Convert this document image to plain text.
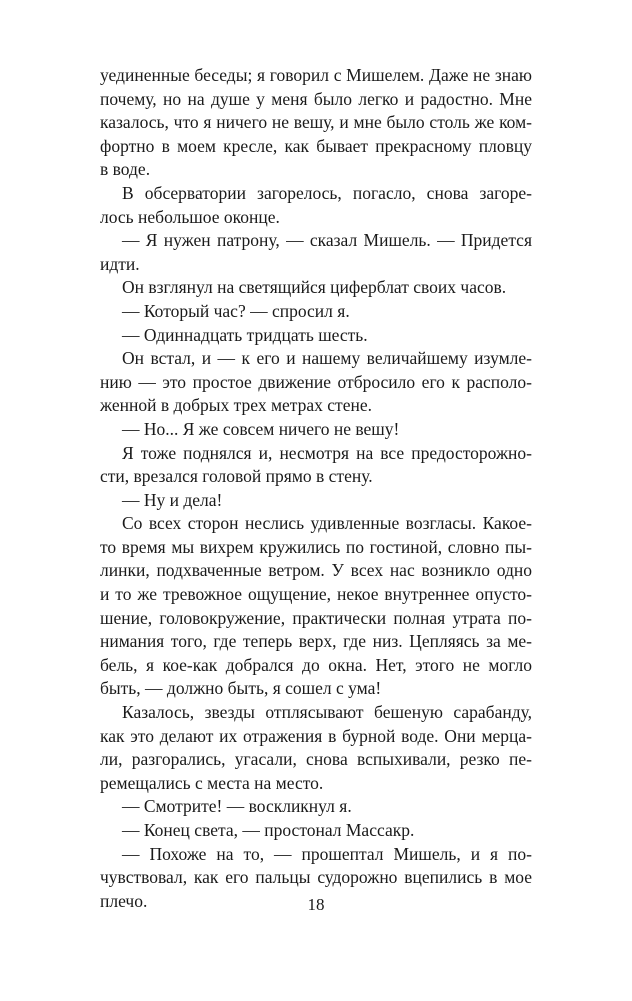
уединенные беседы; я говорил с Мишелем. Даже не знаю
почему, но на душе у меня было легко и радостно. Мне
казалось, что я ничего не вешу, и мне было столь же ком-
фортно в моем кресле, как бывает прекрасному пловцу
в воде.
В обсерватории загорелось, погасло, снова загоре-
лось небольшое оконце.
— Я нужен патрону, — сказал Мишель. — Придется
идти.
Он взглянул на светящийся циферблат своих часов.
— Который час? — спросил я.
— Одиннадцать тридцать шесть.
Он встал, и — к его и нашему величайшему изумле-
нию — это простое движение отбросило его к располо-
женной в добрых трех метрах стене.
— Но... Я же совсем ничего не вешу!
Я тоже поднялся и, несмотря на все предосторожно-
сти, врезался головой прямо в стену.
— Ну и дела!
Со всех сторон неслись удивленные возгласы. Какое-
то время мы вихрем кружились по гостиной, словно пы-
линки, подхваченные ветром. У всех нас возникло одно
и то же тревожное ощущение, некое внутреннее опусто-
шение, головокружение, практически полная утрата по-
нимания того, где теперь верх, где низ. Цепляясь за ме-
бель, я кое-как добрался до окна. Нет, этого не могло
быть, — должно быть, я сошел с ума!
Казалось, звезды отплясывают бешеную сарабанду,
как это делают их отражения в бурной воде. Они мерца-
ли, разгорались, угасали, снова вспыхивали, резко пе-
ремещались с места на место.
— Смотрите! — воскликнул я.
— Конец света, — простонал Массакр.
— Похоже на то, — прошептал Мишель, и я по-
чувствовал, как его пальцы судорожно вцепились в мое
плечо.	18
